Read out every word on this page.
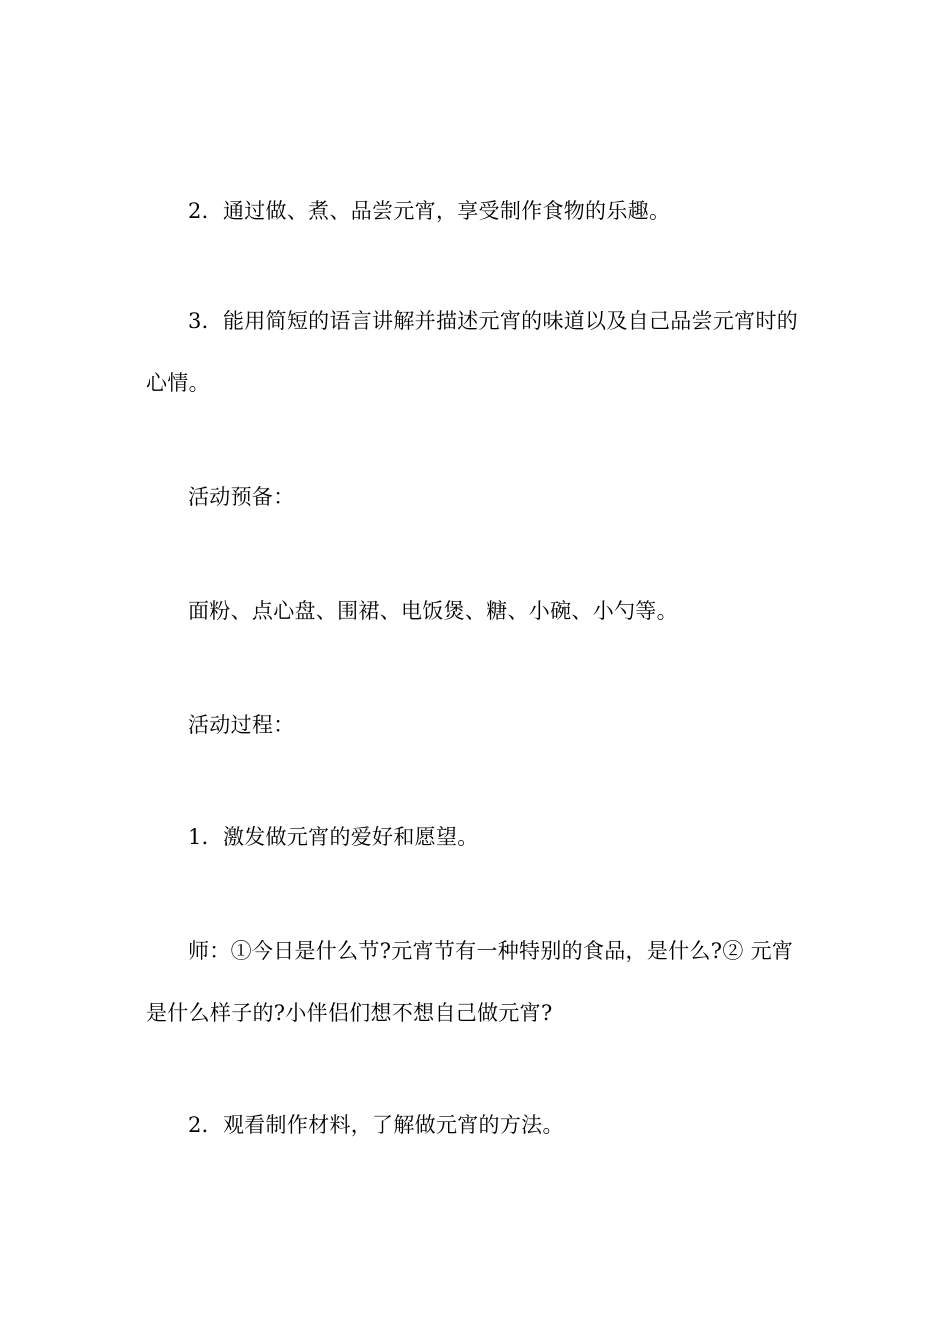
2．通过做、煮、品尝元宵，享受制作食物的乐趣。

3．能用简短的语言讲解并描述元宵的味道以及自己品尝元宵时的心情。

活动预备：

面粉、点心盘、围裙、电饭煲、糖、小碗、小勺等。

活动过程：

1．激发做元宵的爱好和愿望。

师：①今日是什么节?元宵节有一种特别的食品，是什么?② 元宵是什么样子的?小伴侣们想不想自己做元宵?

2．观看制作材料，了解做元宵的方法。
